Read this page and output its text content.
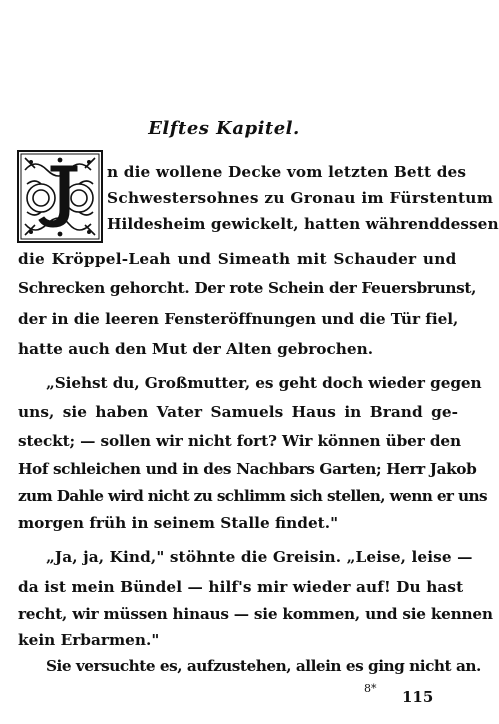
Elftes Kapitel.
n die wollene Decke vom letzten Bett des
Schwestersohnes zu Gronau im Fürstentum
Hildesheim gewickelt, hatten währenddessen
die Kröppel-Leah und Simeath mit Schauder und
Schrecken gehorcht. Der rote Schein der Feuersbrunst,
der in die leeren Fensteröffnungen und die Tür fiel,
hatte auch den Mut der Alten gebrochen.
„Siehst du, Großmutter, es geht doch wieder gegen
uns, sie haben Vater Samuels Haus in Brand ge-
steckt; — sollen wir nicht fort? Wir können über den
Hof schleichen und in des Nachbars Garten; Herr Jakob
zum Dahle wird nicht zu schlimm sich stellen, wenn er uns
morgen früh in seinem Stalle findet."
„Ja, ja, Kind," stöhnte die Greisin. „Leise, leise —
da ist mein Bündel — hilf's mir wieder auf! Du hast
recht, wir müssen hinaus — sie kommen, und sie kennen
kein Erbarmen."
Sie versuchte es, aufzustehen, allein es ging nicht an.
8* 115
